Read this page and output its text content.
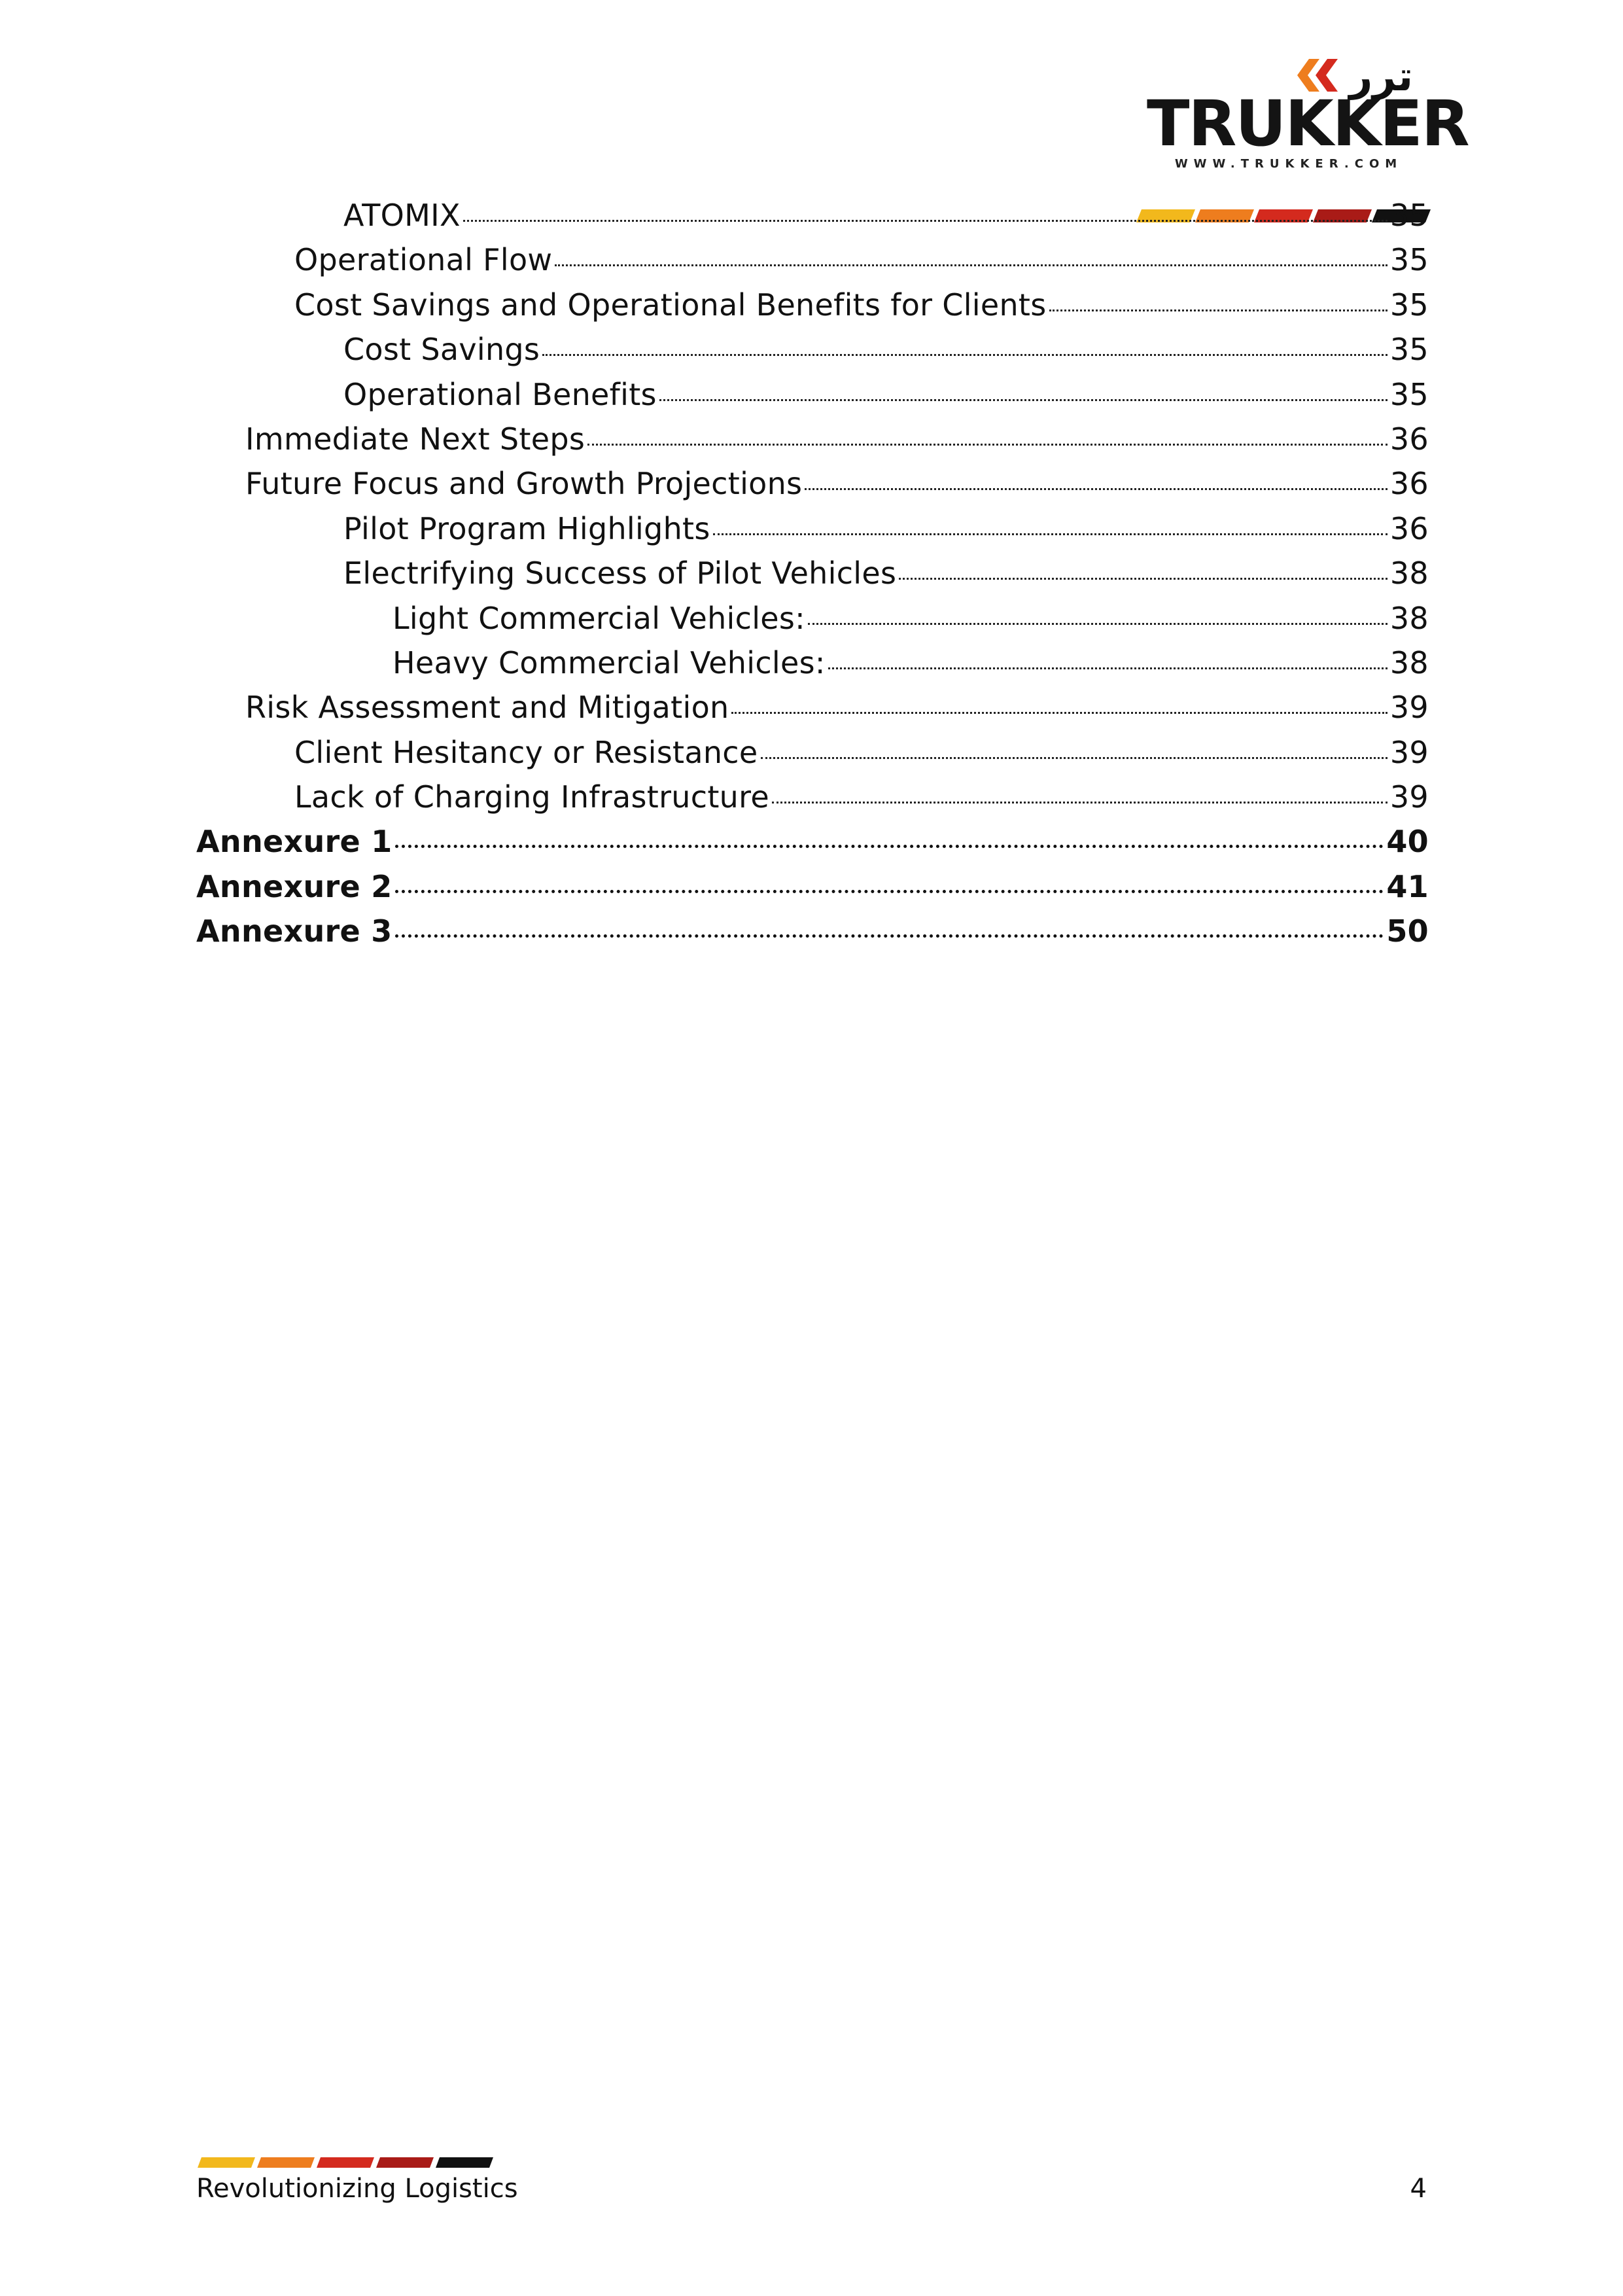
ترر
TRUKKER
WWW.TRUKKER.COM
ATOMIX	35
Operational Flow	35
Cost Savings and Operational Benefits for Clients	35
Cost Savings	35
Operational Benefits	35
Immediate Next Steps	36
Future Focus and Growth Projections	36
Pilot Program Highlights	36
Electrifying Success of Pilot Vehicles	38
Light Commercial Vehicles:	38
Heavy Commercial Vehicles:	38
Risk Assessment and Mitigation	39
Client Hesitancy or Resistance	39
Lack of Charging Infrastructure	39
Annexure 1	40
Annexure 2	41
Annexure 3	50
Revolutionizing Logistics	4
